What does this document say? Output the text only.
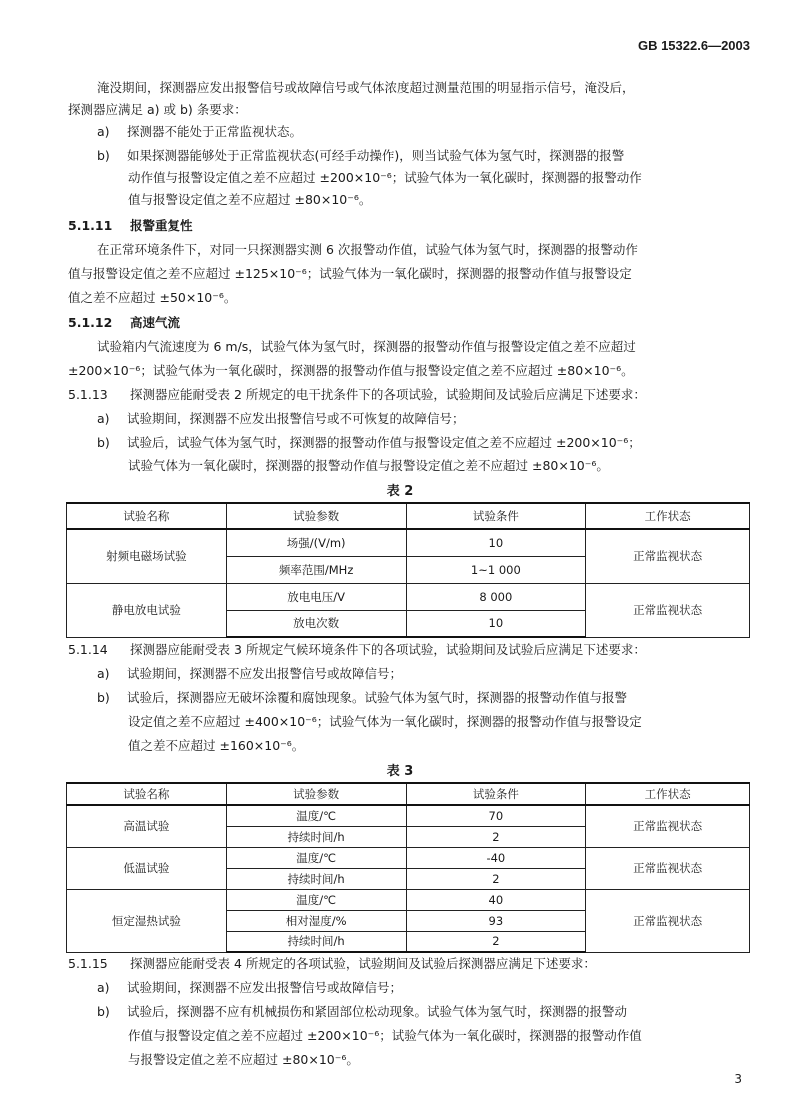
GB 15322.6—2003
淹没期间，探测器应发出报警信号或故障信号或气体浓度超过测量范围的明显指示信号，淹没后，
探测器应满足 a) 或 b) 条要求：
a) 探测器不能处于正常监视状态。
b) 如果探测器能够处于正常监视状态(可经手动操作)，则当试验气体为氢气时，探测器的报警
动作值与报警设定值之差不应超过 ±200×10⁻⁶；试验气体为一氧化碳时，探测器的报警动作
值与报警设定值之差不应超过 ±80×10⁻⁶。
5.1.11 报警重复性
在正常环境条件下，对同一只探测器实测 6 次报警动作值，试验气体为氢气时，探测器的报警动作
值与报警设定值之差不应超过 ±125×10⁻⁶；试验气体为一氧化碳时，探测器的报警动作值与报警设定
值之差不应超过 ±50×10⁻⁶。
5.1.12 高速气流
试验箱内气流速度为 6 m/s，试验气体为氢气时，探测器的报警动作值与报警设定值之差不应超过
±200×10⁻⁶；试验气体为一氧化碳时，探测器的报警动作值与报警设定值之差不应超过 ±80×10⁻⁶。
5.1.13 探测器应能耐受表 2 所规定的电干扰条件下的各项试验，试验期间及试验后应满足下述要求：
a) 试验期间，探测器不应发出报警信号或不可恢复的故障信号；
b) 试验后，试验气体为氢气时，探测器的报警动作值与报警设定值之差不应超过 ±200×10⁻⁶；
试验气体为一氧化碳时，探测器的报警动作值与报警设定值之差不应超过 ±80×10⁻⁶。
表 2
试验名称	试验参数	试验条件	工作状态
射频电磁场试验	场强/(V/m)	10	正常监视状态
	频率范围/MHz	1~1 000	
静电放电试验	放电电压/V	8 000	正常监视状态
	放电次数	10	
5.1.14 探测器应能耐受表 3 所规定气候环境条件下的各项试验，试验期间及试验后应满足下述要求：
a) 试验期间，探测器不应发出报警信号或故障信号；
b) 试验后，探测器应无破坏涂覆和腐蚀现象。试验气体为氢气时，探测器的报警动作值与报警
设定值之差不应超过 ±400×10⁻⁶；试验气体为一氧化碳时，探测器的报警动作值与报警设定
值之差不应超过 ±160×10⁻⁶。
表 3
试验名称	试验参数	试验条件	工作状态
高温试验	温度/℃	70	正常监视状态
	持续时间/h	2	
低温试验	温度/℃	-40	正常监视状态
	持续时间/h	2	
恒定湿热试验	温度/℃	40	正常监视状态
	相对湿度/%	93	
	持续时间/h	2	
5.1.15 探测器应能耐受表 4 所规定的各项试验，试验期间及试验后探测器应满足下述要求：
a) 试验期间，探测器不应发出报警信号或故障信号；
b) 试验后，探测器不应有机械损伤和紧固部位松动现象。试验气体为氢气时，探测器的报警动
作值与报警设定值之差不应超过 ±200×10⁻⁶；试验气体为一氧化碳时，探测器的报警动作值
与报警设定值之差不应超过 ±80×10⁻⁶。
3
